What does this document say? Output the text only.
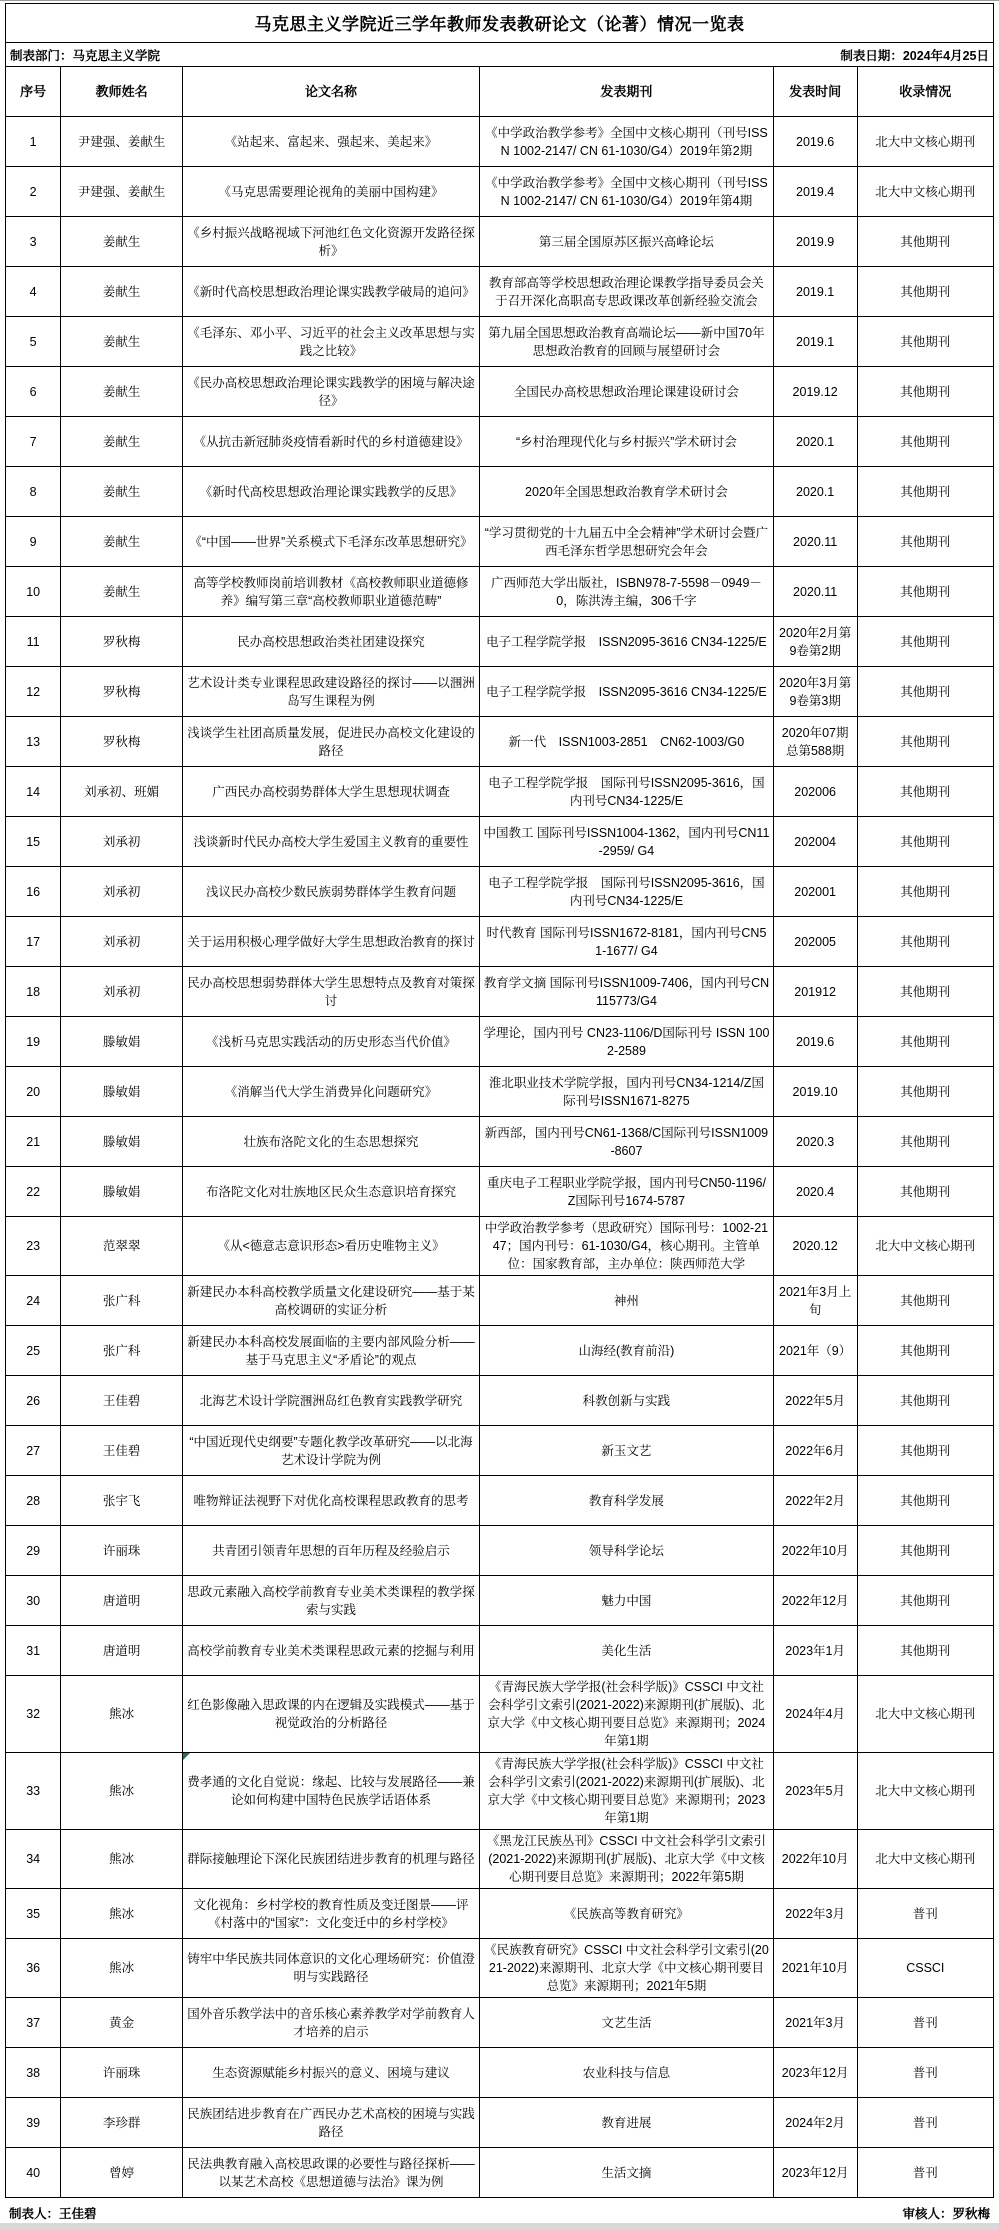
马克思主义学院近三学年教师发表教研论文（论著）情况一览表
制表部门：马克思主义学院	制表日期：2024年4月25日
序号	教师姓名	论文名称	发表期刊	发表时间	收录情况
1	尹建强、姜献生	《站起来、富起来、强起来、美起来》	《中学政治教学参考》全国中文核心期刊（刊号ISSN 1002-2147/ CN 61-1030/G4）2019年第2期	2019.6	北大中文核心期刊
2	尹建强、姜献生	《马克思需要理论视角的美丽中国构建》	《中学政治教学参考》全国中文核心期刊（刊号ISSN 1002-2147/ CN 61-1030/G4）2019年第4期	2019.4	北大中文核心期刊
3	姜献生	《乡村振兴战略视域下河池红色文化资源开发路径探析》	第三届全国原苏区振兴高峰论坛	2019.9	其他期刊
4	姜献生	《新时代高校思想政治理论课实践教学破局的追问》	教育部高等学校思想政治理论课教学指导委员会关于召开深化高职高专思政课改革创新经验交流会	2019.1	其他期刊
5	姜献生	《毛泽东、邓小平、习近平的社会主义改革思想与实践之比较》	第九届全国思想政治教育高端论坛——新中国70年思想政治教育的回顾与展望研讨会	2019.1	其他期刊
6	姜献生	《民办高校思想政治理论课实践教学的困境与解决途径》	全国民办高校思想政治理论课建设研讨会	2019.12	其他期刊
7	姜献生	《从抗击新冠肺炎疫情看新时代的乡村道德建设》	“乡村治理现代化与乡村振兴”学术研讨会	2020.1	其他期刊
8	姜献生	《新时代高校思想政治理论课实践教学的反思》	2020年全国思想政治教育学术研讨会	2020.1	其他期刊
9	姜献生	《“中国——世界”关系模式下毛泽东改革思想研究》	“学习贯彻党的十九届五中全会精神”学术研讨会暨广西毛泽东哲学思想研究会年会	2020.11	其他期刊
10	姜献生	高等学校教师岗前培训教材《高校教师职业道德修养》编写第三章“高校教师职业道德范畴”	广西师范大学出版社，ISBN978-7-5598－0949－0，陈洪涛主编，306千字	2020.11	其他期刊
11	罗秋梅	民办高校思想政治类社团建设探究	电子工程学院学报　ISSN2095-3616 CN34-1225/E	2020年2月第9卷第2期	其他期刊
12	罗秋梅	艺术设计类专业课程思政建设路径的探讨——以涠洲岛写生课程为例	电子工程学院学报　ISSN2095-3616 CN34-1225/E	2020年3月第9卷第3期	其他期刊
13	罗秋梅	浅谈学生社团高质量发展，促进民办高校文化建设的路径	新一代　ISSN1003-2851　CN62-1003/G0	2020年07期总第588期	其他期刊
14	刘承初、班媚	广西民办高校弱势群体大学生思想现状调查	电子工程学院学报　国际刊号ISSN2095-3616，国内刊号CN34-1225/E	202006	其他期刊
15	刘承初	浅谈新时代民办高校大学生爱国主义教育的重要性	中国教工 国际刊号ISSN1004-1362，国内刊号CN11-2959/ G4	202004	其他期刊
16	刘承初	浅议民办高校少数民族弱势群体学生教育问题	电子工程学院学报　国际刊号ISSN2095-3616，国内刊号CN34-1225/E	202001	其他期刊
17	刘承初	关于运用积极心理学做好大学生思想政治教育的探讨	时代教育 国际刊号ISSN1672-8181，国内刊号CN51-1677/ G4	202005	其他期刊
18	刘承初	民办高校思想弱势群体大学生思想特点及教育对策探讨	教育学文摘 国际刊号ISSN1009-7406，国内刊号CN115773/G4	201912	其他期刊
19	滕敏娟	《浅析马克思实践活动的历史形态当代价值》	学理论，国内刊号 CN23-1106/D国际刊号 ISSN 1002-2589	2019.6	其他期刊
20	滕敏娟	《消解当代大学生消费异化问题研究》	淮北职业技术学院学报，国内刊号CN34-1214/Z国际刊号ISSN1671-8275	2019.10	其他期刊
21	滕敏娟	壮族布洛陀文化的生态思想探究	新西部，国内刊号CN61-1368/C国际刊号ISSN1009-8607	2020.3	其他期刊
22	滕敏娟	布洛陀文化对壮族地区民众生态意识培育探究	重庆电子工程职业学院学报，国内刊号CN50-1196/Z国际刊号1674-5787	2020.4	其他期刊
23	范翠翠	《从<德意志意识形态>看历史唯物主义》	中学政治教学参考（思政研究）国际刊号：1002-2147；国内刊号：61-1030/G4，核心期刊。主管单位：国家教育部，主办单位：陕西师范大学	2020.12	北大中文核心期刊
24	张广科	新建民办本科高校教学质量文化建设研究——基于某高校调研的实证分析	神州	2021年3月上旬	其他期刊
25	张广科	新建民办本科高校发展面临的主要内部风险分析——基于马克思主义“矛盾论”的观点	山海经(教育前沿)	2021年（9）	其他期刊
26	王佳碧	北海艺术设计学院涠洲岛红色教育实践教学研究	科教创新与实践	2022年5月	其他期刊
27	王佳碧	“中国近现代史纲要”专题化教学改革研究——以北海艺术设计学院为例	新玉文艺	2022年6月	其他期刊
28	张宇飞	唯物辩证法视野下对优化高校课程思政教育的思考	教育科学发展	2022年2月	其他期刊
29	许丽珠	共青团引领青年思想的百年历程及经验启示	领导科学论坛	2022年10月	其他期刊
30	唐道明	思政元素融入高校学前教育专业美术类课程的教学探索与实践	魅力中国	2022年12月	其他期刊
31	唐道明	高校学前教育专业美术类课程思政元素的挖掘与利用	美化生活	2023年1月	其他期刊
32	熊冰	红色影像融入思政课的内在逻辑及实践模式——基于视觉政治的分析路径	《青海民族大学学报(社会科学版)》CSSCI 中文社会科学引文索引(2021-2022)来源期刊(扩展版)、北京大学《中文核心期刊要目总览》来源期刊；2024年第1期	2024年4月	北大中文核心期刊
33	熊冰	费孝通的文化自觉说：缘起、比较与发展路径——兼论如何构建中国特色民族学话语体系	《青海民族大学学报(社会科学版)》CSSCI 中文社会科学引文索引(2021-2022)来源期刊(扩展版)、北京大学《中文核心期刊要目总览》来源期刊；2023年第1期	2023年5月	北大中文核心期刊
34	熊冰	群际接触理论下深化民族团结进步教育的机理与路径	《黑龙江民族丛刊》CSSCI 中文社会科学引文索引(2021-2022)来源期刊(扩展版)、北京大学《中文核心期刊要目总览》来源期刊；2022年第5期	2022年10月	北大中文核心期刊
35	熊冰	文化视角：乡村学校的教育性质及变迁图景——评《村落中的“国家”：文化变迁中的乡村学校》	《民族高等教育研究》	2022年3月	普刊
36	熊冰	铸牢中华民族共同体意识的文化心理场研究：价值澄明与实践路径	《民族教育研究》CSSCI 中文社会科学引文索引(2021-2022)来源期刊、北京大学《中文核心期刊要目总览》来源期刊；2021年5期	2021年10月	CSSCI
37	黄金	国外音乐教学法中的音乐核心素养教学对学前教育人才培养的启示	文艺生活	2021年3月	普刊
38	许丽珠	生态资源赋能乡村振兴的意义、困境与建议	农业科技与信息	2023年12月	普刊
39	李珍群	民族团结进步教育在广西民办艺术高校的困境与实践路径	教育进展	2024年2月	普刊
40	曾婷	民法典教育融入高校思政课的必要性与路径探析——以某艺术高校《思想道德与法治》课为例	生活文摘	2023年12月	普刊
制表人：王佳碧	审核人：罗秋梅
